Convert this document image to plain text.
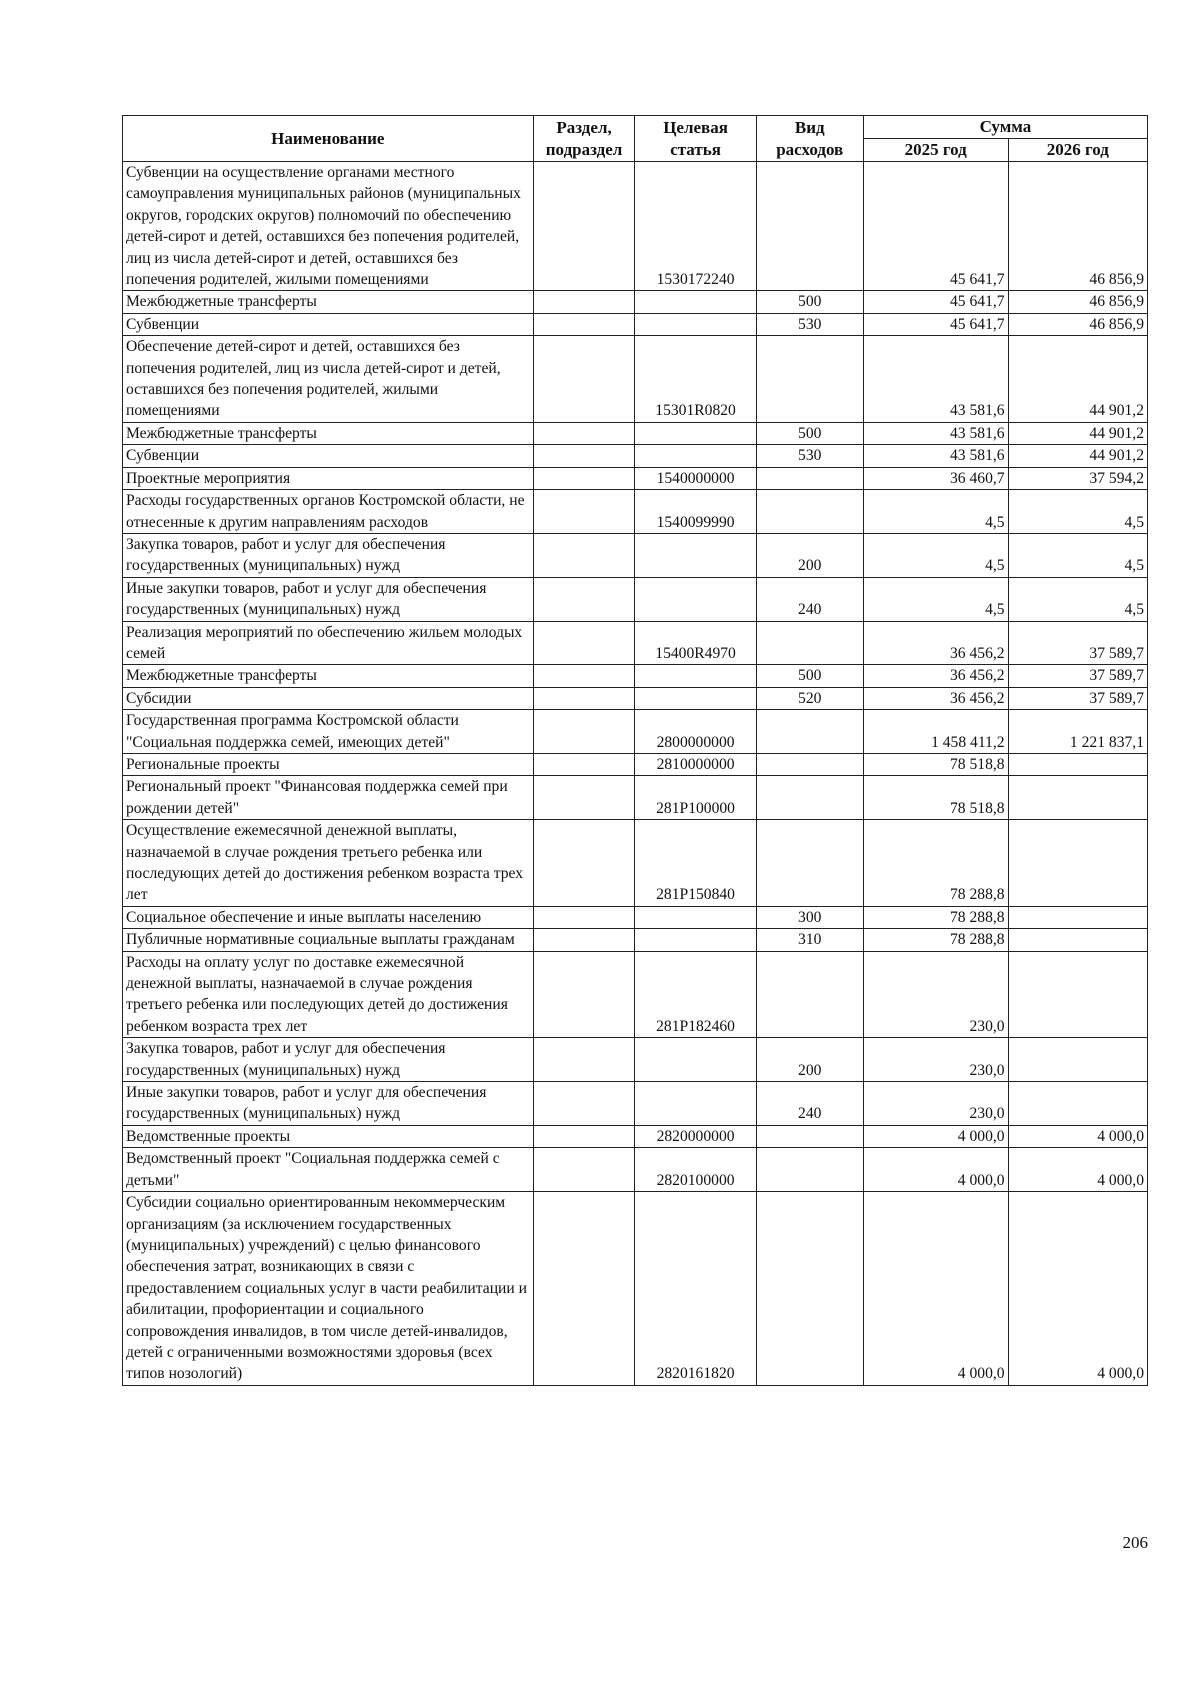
Наименование	Раздел, подраздел	Целевая статья	Вид расходов	Сумма	
				2025 год	2026 год
Субвенции на осуществление органами местного самоуправления муниципальных районов (муниципальных округов, городских округов) полномочий по обеспечению детей-сирот и детей, оставшихся без попечения родителей, лиц из числа детей-сирот и детей, оставшихся без попечения родителей, жилыми помещениями		1530172240		45 641,7	46 856,9
Межбюджетные трансферты			500	45 641,7	46 856,9
Субвенции			530	45 641,7	46 856,9
Обеспечение детей-сирот и детей, оставшихся без попечения родителей, лиц из числа детей-сирот и детей, оставшихся без попечения родителей, жилыми помещениями		15301R0820		43 581,6	44 901,2
Межбюджетные трансферты			500	43 581,6	44 901,2
Субвенции			530	43 581,6	44 901,2
Проектные мероприятия		1540000000		36 460,7	37 594,2
Расходы государственных органов Костромской области, не отнесенные к другим направлениям расходов		1540099990		4,5	4,5
Закупка товаров, работ и услуг для обеспечения государственных (муниципальных) нужд			200	4,5	4,5
Иные закупки товаров, работ и услуг для обеспечения государственных (муниципальных) нужд			240	4,5	4,5
Реализация мероприятий по обеспечению жильем молодых семей		15400R4970		36 456,2	37 589,7
Межбюджетные трансферты			500	36 456,2	37 589,7
Субсидии			520	36 456,2	37 589,7
Государственная программа Костромской области "Социальная поддержка семей, имеющих детей"		2800000000		1 458 411,2	1 221 837,1
Региональные проекты		2810000000		78 518,8	
Региональный проект "Финансовая поддержка семей при рождении детей"		281P100000		78 518,8	
Осуществление ежемесячной денежной выплаты, назначаемой в случае рождения третьего ребенка или последующих детей до достижения ребенком возраста трех лет		281P150840		78 288,8	
Социальное обеспечение и иные выплаты населению			300	78 288,8	
Публичные нормативные социальные выплаты гражданам			310	78 288,8	
Расходы на оплату услуг по доставке ежемесячной денежной выплаты, назначаемой в случае рождения третьего ребенка или последующих детей до достижения ребенком возраста трех лет		281P182460		230,0	
Закупка товаров, работ и услуг для обеспечения государственных (муниципальных) нужд			200	230,0	
Иные закупки товаров, работ и услуг для обеспечения государственных (муниципальных) нужд			240	230,0	
Ведомственные проекты		2820000000		4 000,0	4 000,0
Ведомственный проект "Социальная поддержка семей с детьми"		2820100000		4 000,0	4 000,0
Субсидии социально ориентированным некоммерческим организациям (за исключением государственных (муниципальных) учреждений) с целью финансового обеспечения затрат, возникающих в связи с предоставлением социальных услуг в части реабилитации и абилитации, профориентации и социального сопровождения инвалидов, в том числе детей-инвалидов, детей с ограниченными возможностями здоровья (всех типов нозологий)		2820161820		4 000,0	4 000,0
206
